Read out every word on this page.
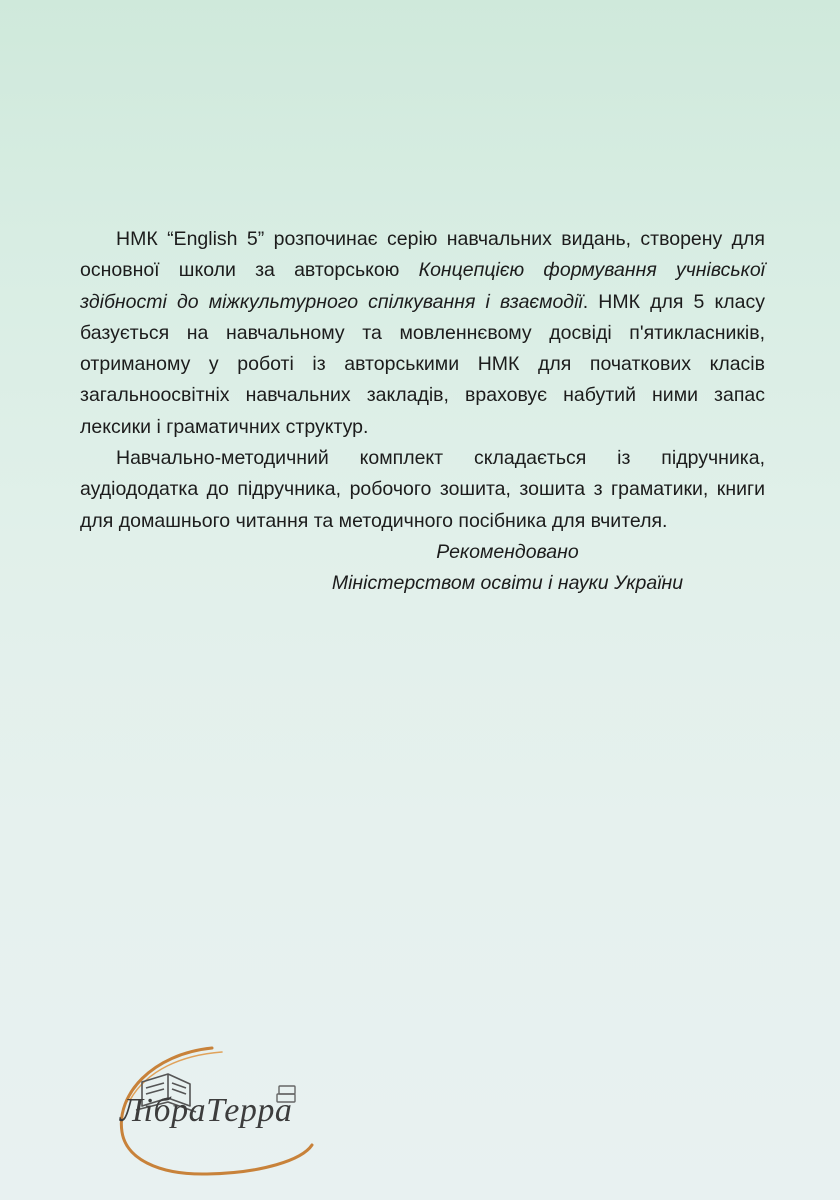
НМК “English 5” розпочинає серію навчальних видань, створену для основної школи за авторською Концепцією формування учнівської здібності до міжкультурного спілкування і взаємодії. НМК для 5 класу базується на навчальному та мовленнєвому досвіді п'ятикласників, отриманому у роботі із авторськими НМК для початкових класів загальноосвітніх навчальних закладів, враховує набутий ними запас лексики і граматичних структур.

Навчально-методичний комплект складається із підручника, аудіододатка до підручника, робочого зошита, зошита з граматики, книги для домашнього читання та методичного посібника для вчителя.

Рекомендовано

Міністерством освіти і науки України

ЛібраТерра
